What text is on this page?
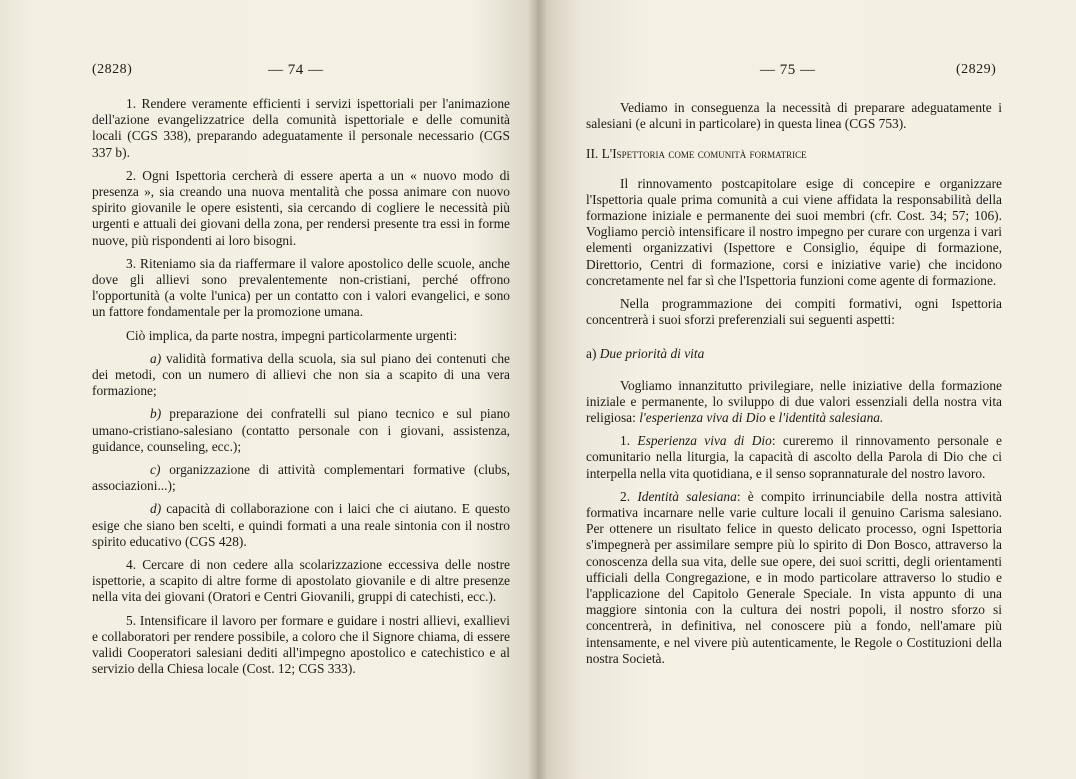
(2828)	— 74 —

1. Rendere veramente efficienti i servizi ispettoriali per l'animazione dell'azione evangelizzatrice della comunità ispettoriale e delle comunità locali (CGS 338), preparando adeguatamente il personale necessario (CGS 337 b).

2. Ogni Ispettoria cercherà di essere aperta a un « nuovo modo di presenza », sia creando una nuova mentalità che possa animare con nuovo spirito giovanile le opere esistenti, sia cercando di cogliere le necessità più urgenti e attuali dei giovani della zona, per rendersi presente tra essi in forme nuove, più rispondenti ai loro bisogni.

3. Riteniamo sia da riaffermare il valore apostolico delle scuole, anche dove gli allievi sono prevalentemente non-cristiani, perché offrono l'opportunità (a volte l'unica) per un contatto con i valori evangelici, e sono un fattore fondamentale per la promozione umana.

Ciò implica, da parte nostra, impegni particolarmente urgenti:

a) validità formativa della scuola, sia sul piano dei contenuti che dei metodi, con un numero di allievi che non sia a scapito di una vera formazione;

b) preparazione dei confratelli sul piano tecnico e sul piano umano-cristiano-salesiano (contatto personale con i giovani, assistenza, guidance, counseling, ecc.);

c) organizzazione di attività complementari formative (clubs, associazioni...);

d) capacità di collaborazione con i laici che ci aiutano. E questo esige che siano ben scelti, e quindi formati a una reale sintonia con il nostro spirito educativo (CGS 428).

4. Cercare di non cedere alla scolarizzazione eccessiva delle nostre ispettorie, a scapito di altre forme di apostolato giovanile e di altre presenze nella vita dei giovani (Oratori e Centri Giovanili, gruppi di catechisti, ecc.).

5. Intensificare il lavoro per formare e guidare i nostri allievi, exallievi e collaboratori per rendere possibile, a coloro che il Signore chiama, di essere validi Cooperatori salesiani dediti all'impegno apostolico e catechistico e al servizio della Chiesa locale (Cost. 12; CGS 333).

— 75 —	(2829)

Vediamo in conseguenza la necessità di preparare adeguatamente i salesiani (e alcuni in particolare) in questa linea (CGS 753).

II. L'Ispettoria come comunità formatrice

Il rinnovamento postcapitolare esige di concepire e organizzare l'Ispettoria quale prima comunità a cui viene affidata la responsabilità della formazione iniziale e permanente dei suoi membri (cfr. Cost. 34; 57; 106). Vogliamo perciò intensificare il nostro impegno per curare con urgenza i vari elementi organizzativi (Ispettore e Consiglio, équipe di formazione, Direttorio, Centri di formazione, corsi e iniziative varie) che incidono concretamente nel far sì che l'Ispettoria funzioni come agente di formazione.

Nella programmazione dei compiti formativi, ogni Ispettoria concentrerà i suoi sforzi preferenziali sui seguenti aspetti:

a) Due priorità di vita

Vogliamo innanzitutto privilegiare, nelle iniziative della formazione iniziale e permanente, lo sviluppo di due valori essenziali della nostra vita religiosa: l'esperienza viva di Dio e l'identità salesiana.

1. Esperienza viva di Dio: cureremo il rinnovamento personale e comunitario nella liturgia, la capacità di ascolto della Parola di Dio che ci interpella nella vita quotidiana, e il senso soprannaturale del nostro lavoro.

2. Identità salesiana: è compito irrinunciabile della nostra attività formativa incarnare nelle varie culture locali il genuino Carisma salesiano. Per ottenere un risultato felice in questo delicato processo, ogni Ispettoria s'impegnerà per assimilare sempre più lo spirito di Don Bosco, attraverso la conoscenza della sua vita, delle sue opere, dei suoi scritti, degli orientamenti ufficiali della Congregazione, e in modo particolare attraverso lo studio e l'applicazione del Capitolo Generale Speciale. In vista appunto di una maggiore sintonia con la cultura dei nostri popoli, il nostro sforzo si concentrerà, in definitiva, nel conoscere più a fondo, nell'amare più intensamente, e nel vivere più autenticamente, le Regole o Costituzioni della nostra Società.
